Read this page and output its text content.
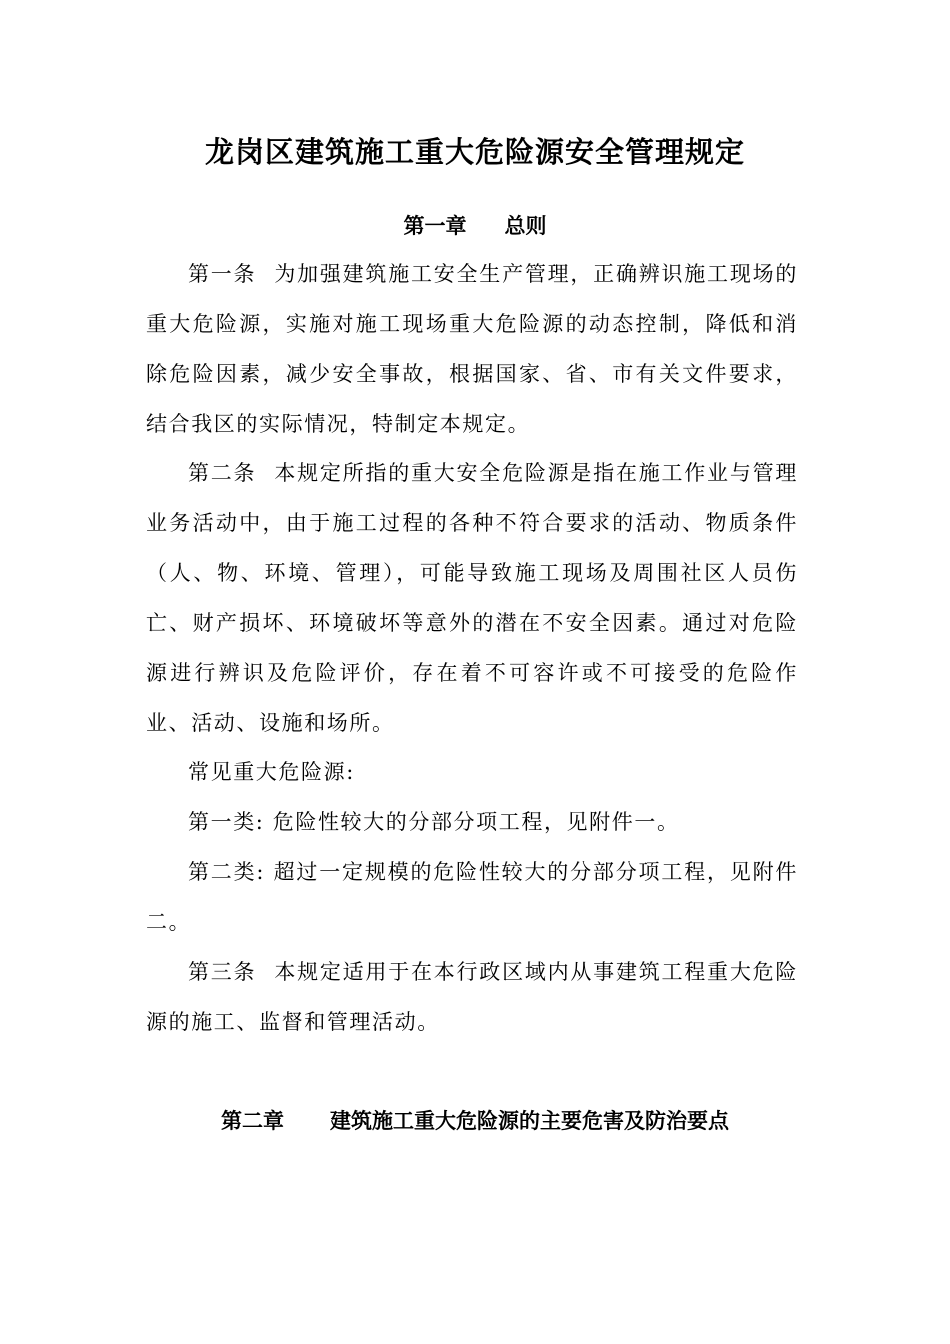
龙岗区建筑施工重大危险源安全管理规定
第一章 总则

第一条 为加强建筑施工安全生产管理，正确辨识施工现场的重大危险源，实施对施工现场重大危险源的动态控制，降低和消除危险因素，减少安全事故，根据国家、省、市有关文件要求，结合我区的实际情况，特制定本规定。

第二条 本规定所指的重大安全危险源是指在施工作业与管理业务活动中，由于施工过程的各种不符合要求的活动、物质条件（人、物、环境、管理），可能导致施工现场及周围社区人员伤亡、财产损坏、环境破坏等意外的潜在不安全因素。通过对危险源进行辨识及危险评价，存在着不可容许或不可接受的危险作业、活动、设施和场所。

常见重大危险源:

第一类: 危险性较大的分部分项工程，见附件一。

第二类: 超过一定规模的危险性较大的分部分项工程，见附件二。

第三条 本规定适用于在本行政区域内从事建筑工程重大危险源的施工、监督和管理活动。

第二章 建筑施工重大危险源的主要危害及防治要点
